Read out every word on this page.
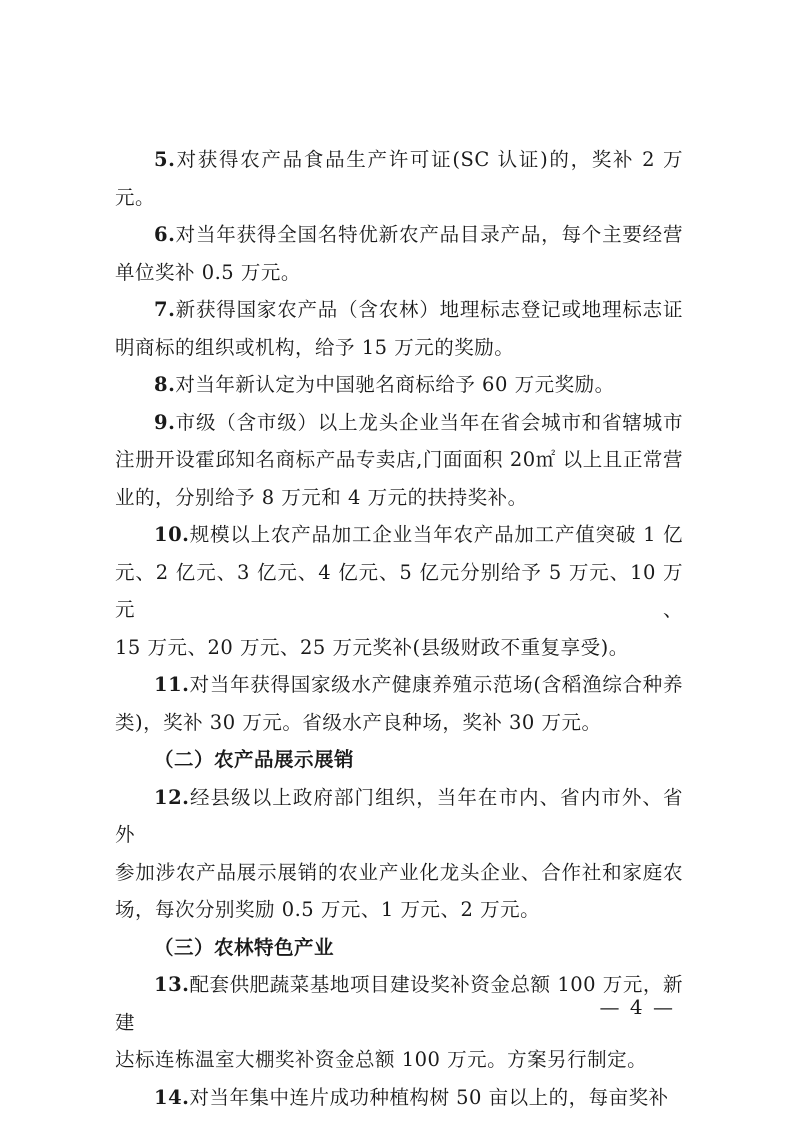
5.对获得农产品食品生产许可证(SC 认证)的，奖补 2 万元。

6.对当年获得全国名特优新农产品目录产品，每个主要经营

单位奖补 0.5 万元。

7.新获得国家农产品（含农林）地理标志登记或地理标志证

明商标的组织或机构，给予 15 万元的奖励。

8.对当年新认定为中国驰名商标给予 60 万元奖励。

9.市级（含市级）以上龙头企业当年在省会城市和省辖城市

注册开设霍邱知名商标产品专卖店,门面面积 20㎡ 以上且正常营

业的，分别给予 8 万元和 4 万元的扶持奖补。

10.规模以上农产品加工企业当年农产品加工产值突破 1 亿

元、2 亿元、3 亿元、4 亿元、5 亿元分别给予 5 万元、10 万元、

15 万元、20 万元、25 万元奖补(县级财政不重复享受)。

11.对当年获得国家级水产健康养殖示范场(含稻渔综合种养

类)，奖补 30 万元。省级水产良种场，奖补 30 万元。

（二）农产品展示展销

12.经县级以上政府部门组织，当年在市内、省内市外、省外

参加涉农产品展示展销的农业产业化龙头企业、合作社和家庭农

场，每次分别奖励 0.5 万元、1 万元、2 万元。

（三）农林特色产业

13.配套供肥蔬菜基地项目建设奖补资金总额 100 万元，新建

达标连栋温室大棚奖补资金总额 100 万元。方案另行制定。

14.对当年集中连片成功种植构树 50 亩以上的，每亩奖补

— 4 —
